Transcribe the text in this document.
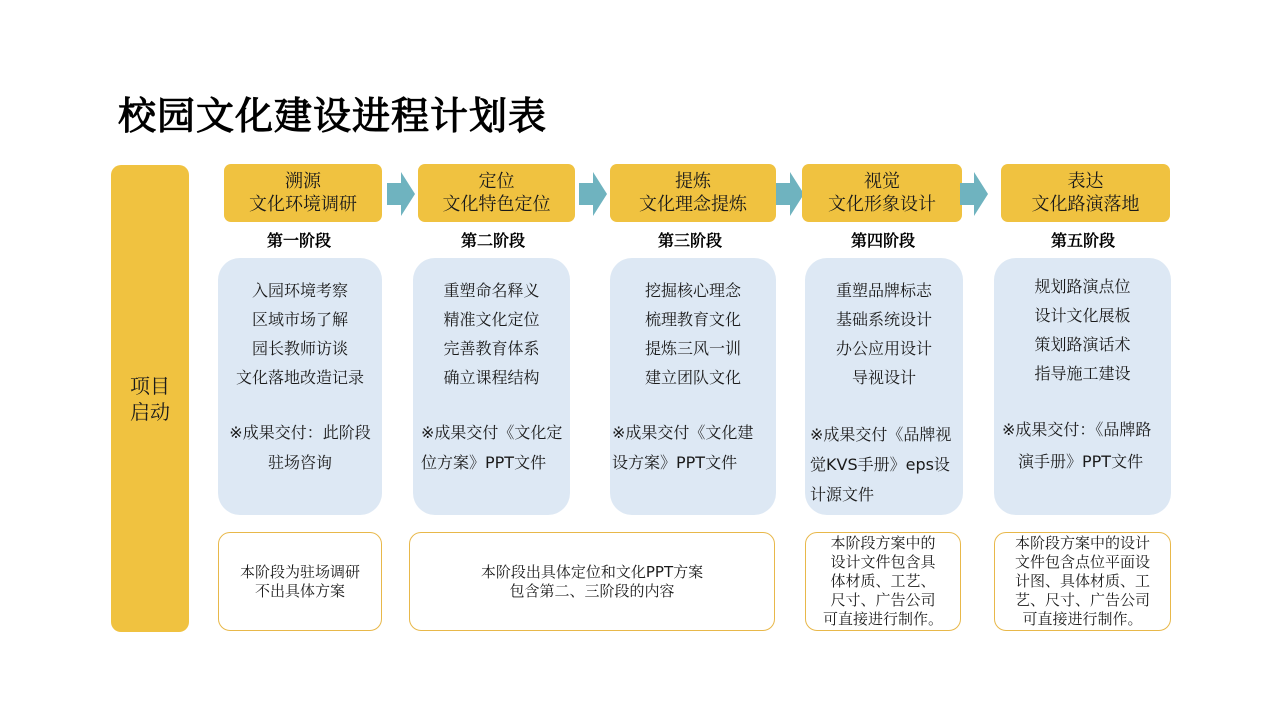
校园文化建设进程计划表
项目
启动
溯源
文化环境调研
第一阶段
入园环境考察
区域市场了解
园长教师访谈
文化落地改造记录
※成果交付：此阶段
驻场咨询
定位
文化特色定位
第二阶段
重塑命名释义
精准文化定位
完善教育体系
确立课程结构
※成果交付《文化定
位方案》PPT文件
提炼
文化理念提炼
第三阶段
挖掘核心理念
梳理教育文化
提炼三风一训
建立团队文化
※成果交付《文化建
设方案》PPT文件
视觉
文化形象设计
第四阶段
重塑品牌标志
基础系统设计
办公应用设计
导视设计
※成果交付《品牌视
觉KVS手册》eps设
计源文件
表达
文化路演落地
第五阶段
规划路演点位
设计文化展板
策划路演话术
指导施工建设
※成果交付：《品牌路
演手册》PPT文件
本阶段为驻场调研
不出具体方案
本阶段出具体定位和文化PPT方案
包含第二、三阶段的内容
本阶段方案中的
设计文件包含具
体材质、工艺、
尺寸、广告公司
可直接进行制作。
本阶段方案中的设计
文件包含点位平面设
计图、具体材质、工
艺、尺寸、广告公司
可直接进行制作。
